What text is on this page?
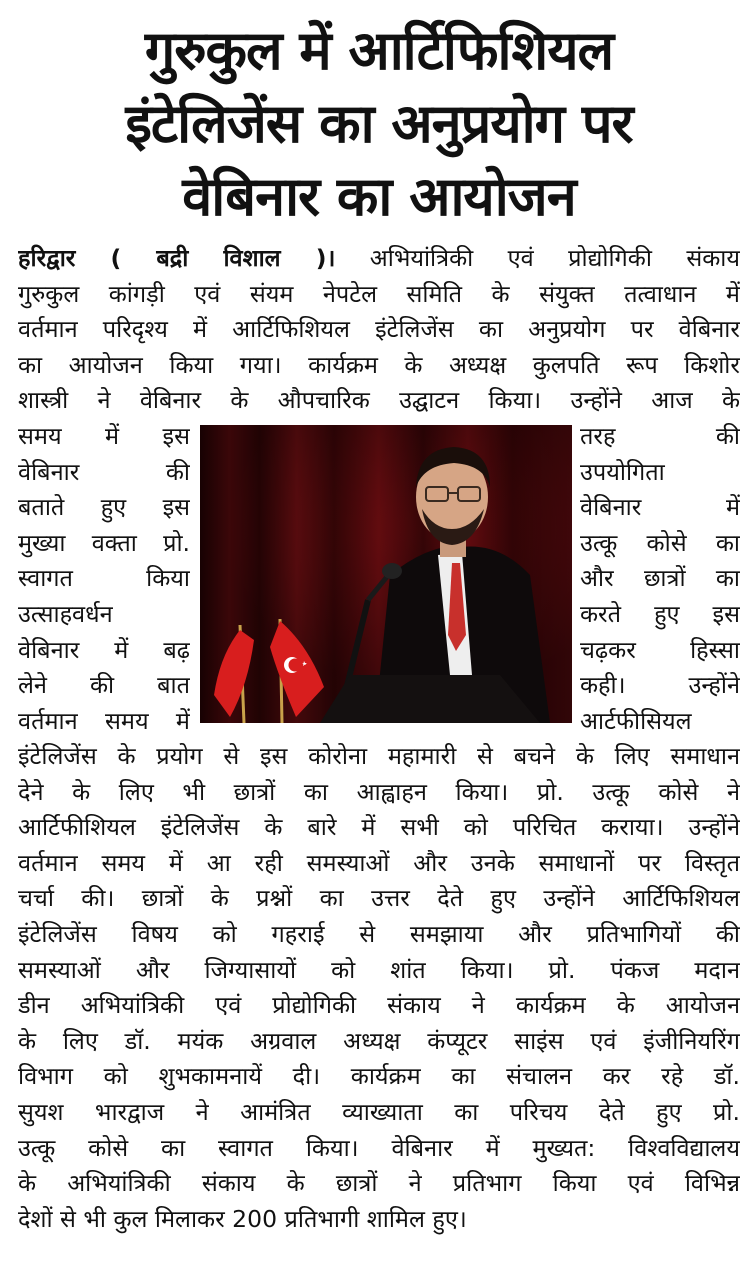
गुरुकुल में आर्टिफिशियल
इंटेलिजेंस का अनुप्रयोग पर
वेबिनार का आयोजन
हरिद्वार ( बद्री विशाल )। अभियांत्रिकी एवं प्रोद्योगिकी संकाय
गुरुकुल कांगड़ी एवं संयम नेपटेल समिति के संयुक्त तत्वाधान में
वर्तमान परिदृश्य में आर्टिफिशियल इंटेलिजेंस का अनुप्रयोग पर वेबिनार
का आयोजन किया गया। कार्यक्रम के अध्यक्ष कुलपति रूप किशोर
शास्त्री ने वेबिनार के औपचारिक उद्घाटन किया। उन्होंने आज के
समय में इस
वेबिनार की
बताते हुए इस
मुख्या वक्ता प्रो.
स्वागत किया
उत्साहवर्धन
वेबिनार में बढ़
लेने की बात
वर्तमान समय में
तरह की
उपयोगिता
वेबिनार में
उत्कू कोसे का
और छात्रों का
करते हुए इस
चढ़कर हिस्सा
कही। उन्होंने
आर्टफीसियल
इंटेलिजेंस के प्रयोग से इस कोरोना महामारी से बचने के लिए समाधान
देने के लिए भी छात्रों का आह्वाहन किया। प्रो. उत्कू कोसे ने
आर्टिफीशियल इंटेलिजेंस के बारे में सभी को परिचित कराया। उन्होंने
वर्तमान समय में आ रही समस्याओं और उनके समाधानों पर विस्तृत
चर्चा की। छात्रों के प्रश्नों का उत्तर देते हुए उन्होंने आर्टिफिशियल
इंटेलिजेंस विषय को गहराई से समझाया और प्रतिभागियों की
समस्याओं और जिग्यासायों को शांत किया। प्रो. पंकज मदान
डीन अभियांत्रिकी एवं प्रोद्योगिकी संकाय ने कार्यक्रम के आयोजन
के लिए डॉ. मयंक अग्रवाल अध्यक्ष कंप्यूटर साइंस एवं इंजीनियरिंग
विभाग को शुभकामनायें दी। कार्यक्रम का संचालन कर रहे डॉ.
सुयश भारद्वाज ने आमंत्रित व्याख्याता का परिचय देते हुए प्रो.
उत्कू कोसे का स्वागत किया। वेबिनार में मुख्यत: विश्वविद्यालय
के अभियांत्रिकी संकाय के छात्रों ने प्रतिभाग किया एवं विभिन्न
देशों से भी कुल मिलाकर 200 प्रतिभागी शामिल हुए।
